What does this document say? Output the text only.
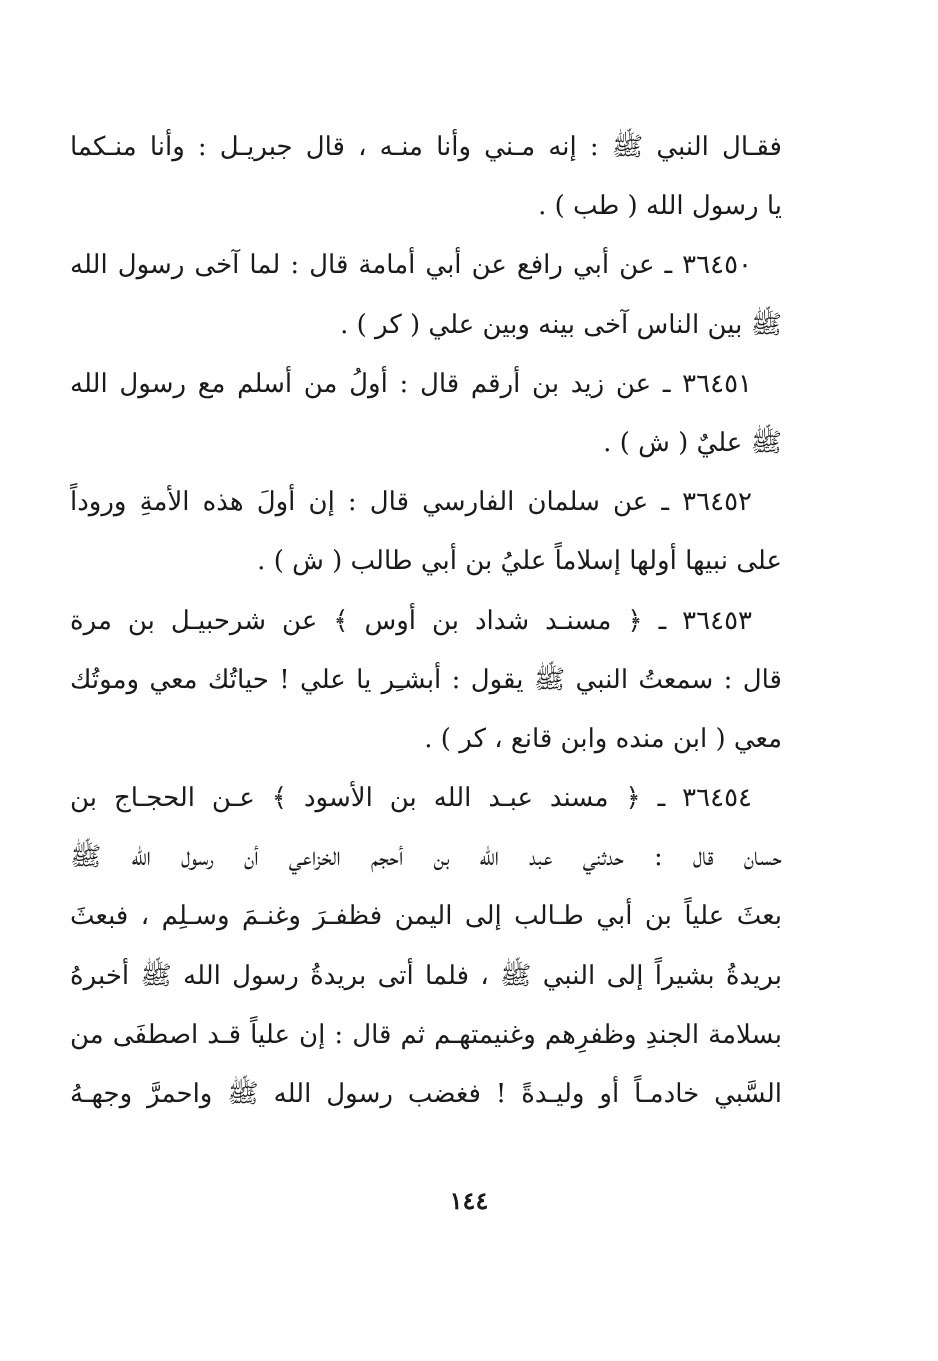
فقـال النبي ﷺ : إنه مـني وأنا منـه ، قال جبريـل : وأنا منـكما
يا رسول الله ( طب ) .
٣٦٤٥٠ ـ عن أبي رافع عن أبي أمامة قال : لما آخى رسول الله
ﷺ بين الناس آخى بينه وبين علي ( كر ) .
٣٦٤٥١ ـ عن زيد بن أرقم قال : أولُ من أسلم مع رسول الله
ﷺ عليٌ ( ش ) .
٣٦٤٥٢ ـ عن سلمان الفارسي قال : إن أولَ هذه الأمةِ وروداً
على نبيها أولها إسلاماً عليُ بن أبي طالب ( ش ) .
٣٦٤٥٣ ـ ﴿ مسنـد شداد بن أوس ﴾ عن شرحبيـل بن مرة
قال : سمعتُ النبي ﷺ يقول : أبشـِر يا علي ! حياتُك معي وموتُك
معي ( ابن منده وابن قانع ، كر ) .
٣٦٤٥٤ ـ ﴿ مسند عبـد الله بن الأسود ﴾ عـن الحجـاج بن
حسان قال : حدثني عبد الله بن أحجم الخزاعي أن رسول الله ﷺ
بعثَ علياً بن أبي طـالب إلى اليمن فظفـرَ وغنـمَ وسـلِم ، فبعثَ
بريدةُ بشيراً إلى النبي ﷺ ، فلما أتى بريدةُ رسول الله ﷺ أخبرهُ
بسلامة الجندِ وظفرِهم وغنيمتهـم ثم قال : إن علياً قـد اصطفَى من
السَّبي خادمـاً أو وليـدةً ! فغضب رسول الله ﷺ واحمرَّ وجهـهُ
١٤٤
